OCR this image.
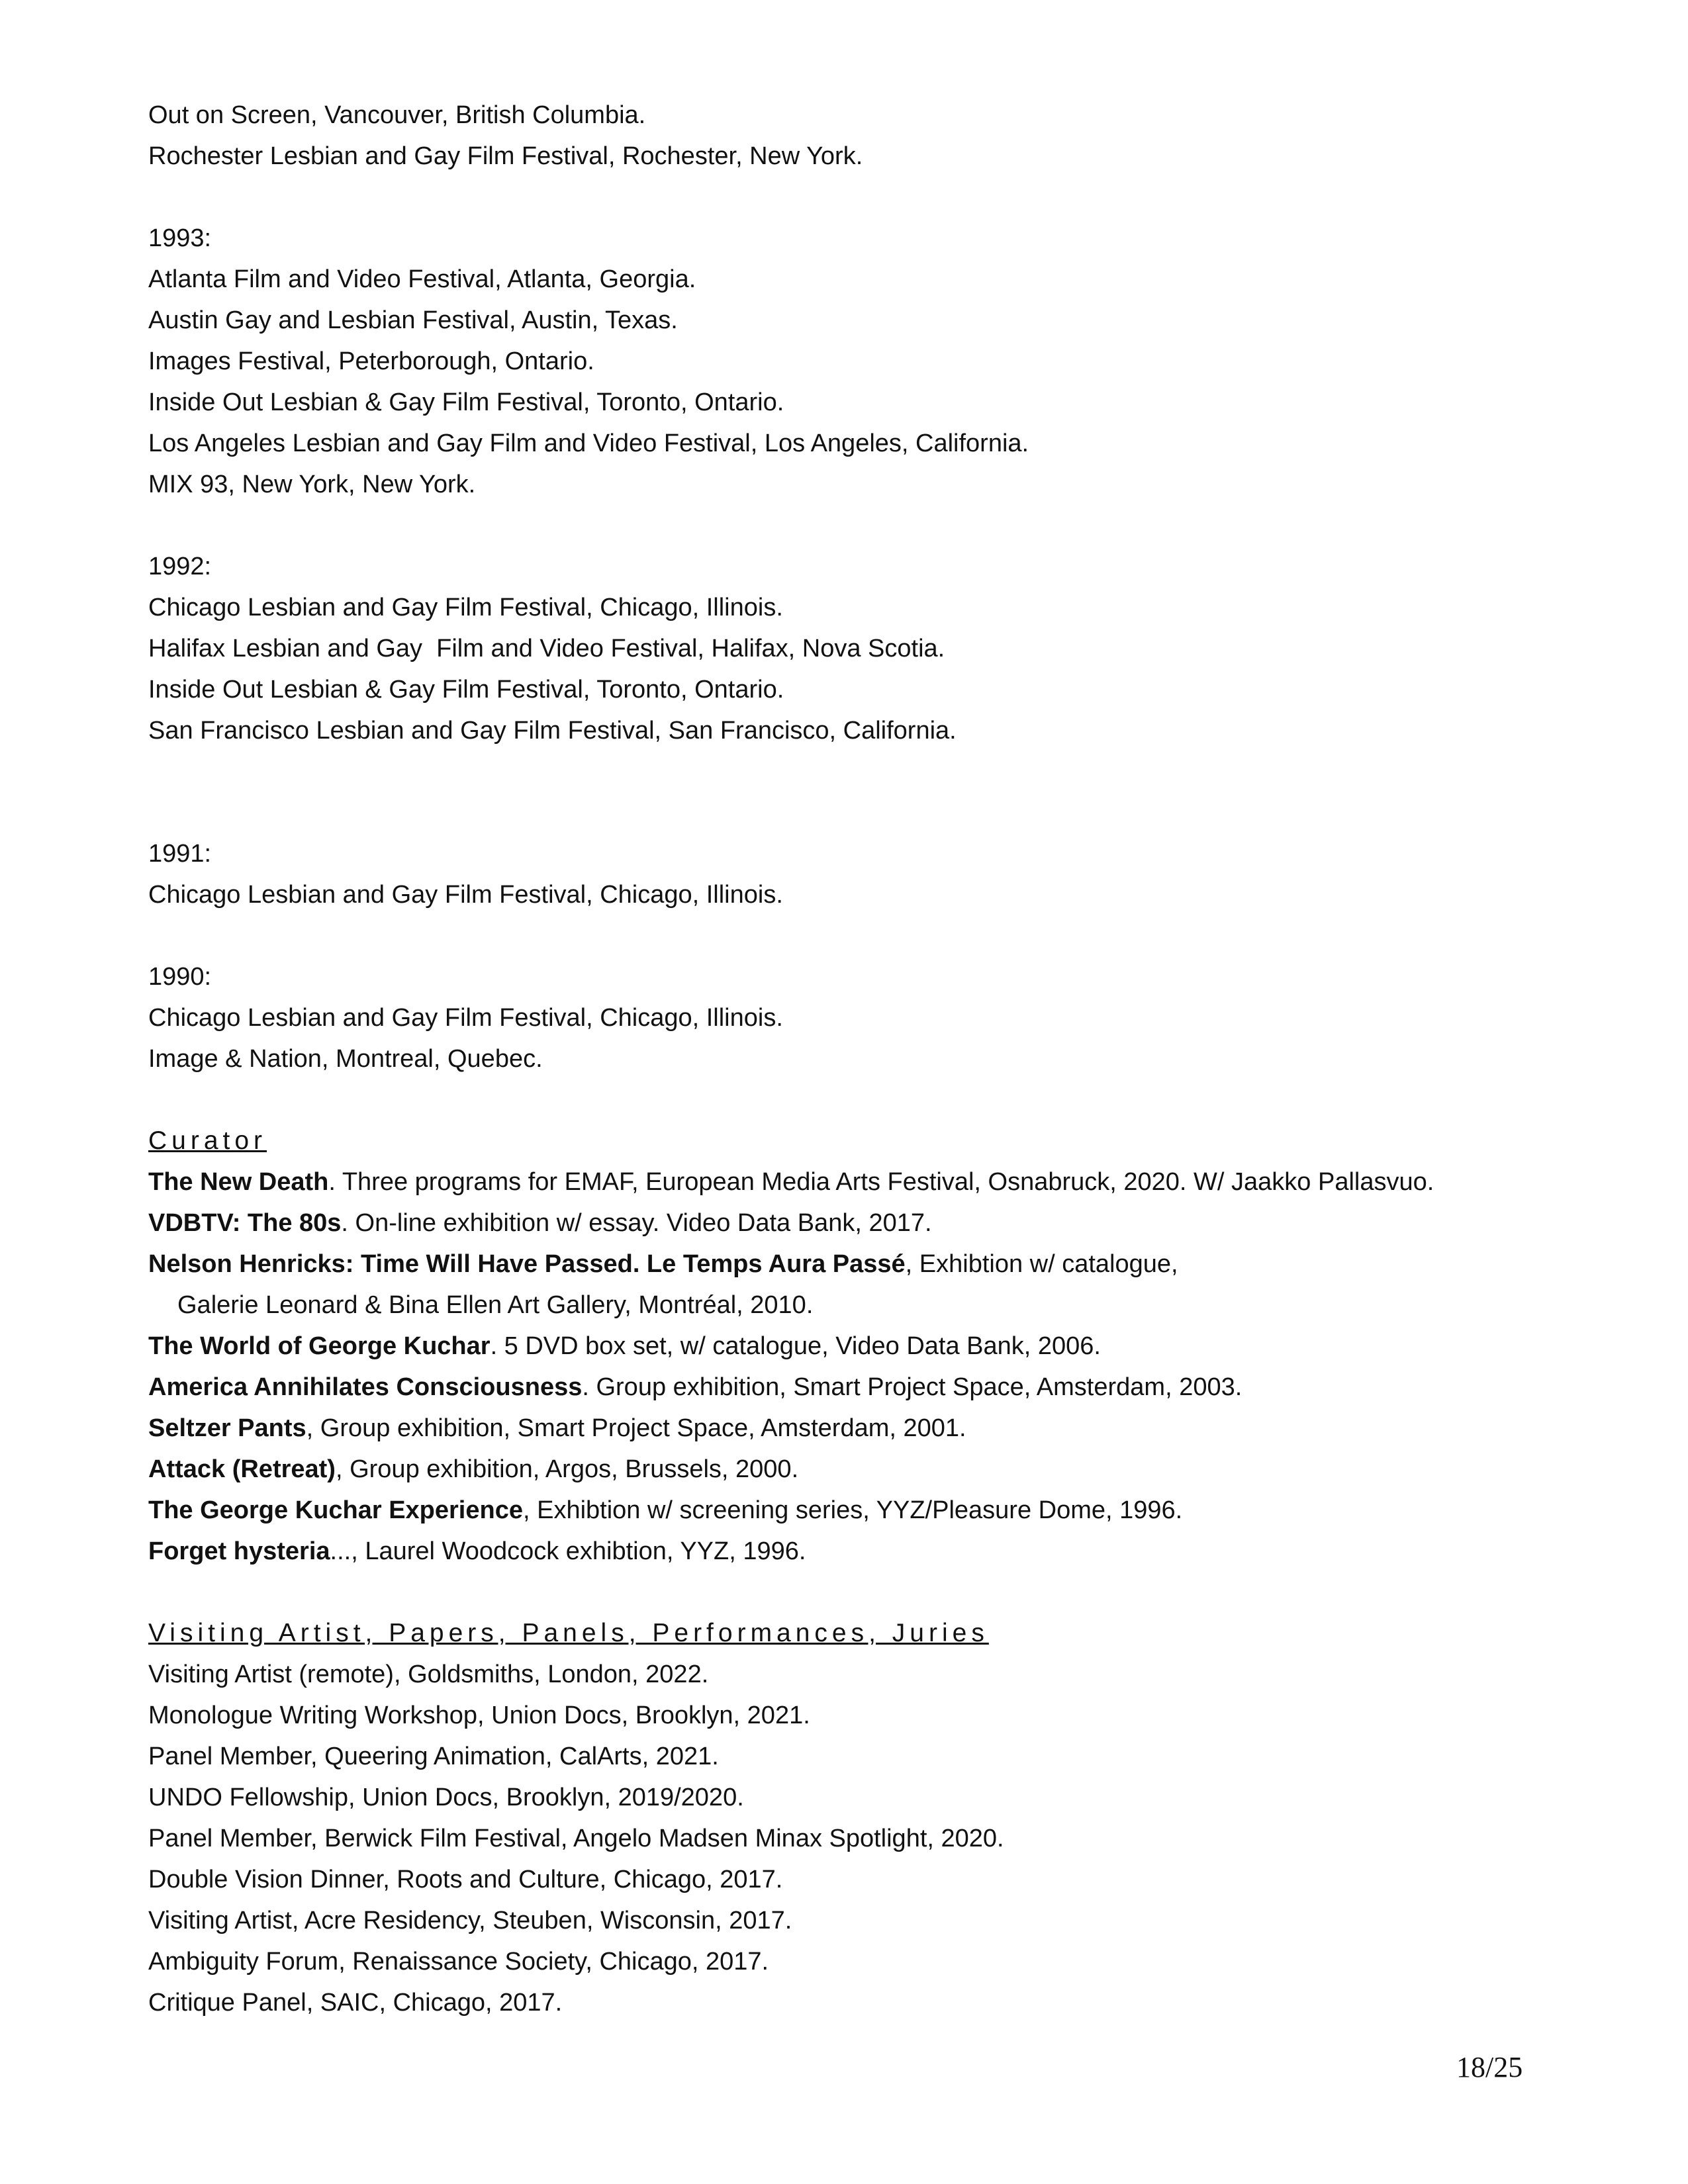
Out on Screen, Vancouver, British Columbia.
Rochester Lesbian and Gay Film Festival, Rochester, New York.
1993:
Atlanta Film and Video Festival, Atlanta, Georgia.
Austin Gay and Lesbian Festival, Austin, Texas.
Images Festival, Peterborough, Ontario.
Inside Out Lesbian & Gay Film Festival, Toronto, Ontario.
Los Angeles Lesbian and Gay Film and Video Festival, Los Angeles, California.
MIX 93, New York, New York.
1992:
Chicago Lesbian and Gay Film Festival, Chicago, Illinois.
Halifax Lesbian and Gay  Film and Video Festival, Halifax, Nova Scotia.
Inside Out Lesbian & Gay Film Festival, Toronto, Ontario.
San Francisco Lesbian and Gay Film Festival, San Francisco, California.
1991:
Chicago Lesbian and Gay Film Festival, Chicago, Illinois.
1990:
Chicago Lesbian and Gay Film Festival, Chicago, Illinois.
Image & Nation, Montreal, Quebec.
Curator
The New Death. Three programs for EMAF, European Media Arts Festival, Osnabruck, 2020. W/ Jaakko Pallasvuo.
VDBTV: The 80s. On-line exhibition w/ essay. Video Data Bank, 2017.
Nelson Henricks: Time Will Have Passed. Le Temps Aura Passé, Exhibtion w/ catalogue,
Galerie Leonard & Bina Ellen Art Gallery, Montréal, 2010.
The World of George Kuchar. 5 DVD box set, w/ catalogue, Video Data Bank, 2006.
America Annihilates Consciousness. Group exhibition, Smart Project Space, Amsterdam, 2003.
Seltzer Pants, Group exhibition, Smart Project Space, Amsterdam, 2001.
Attack (Retreat), Group exhibition, Argos, Brussels, 2000.
The George Kuchar Experience, Exhibtion w/ screening series, YYZ/Pleasure Dome, 1996.
Forget hysteria..., Laurel Woodcock exhibtion, YYZ, 1996.
Visiting Artist, Papers, Panels, Performances, Juries
Visiting Artist (remote), Goldsmiths, London, 2022.
Monologue Writing Workshop, Union Docs, Brooklyn, 2021.
Panel Member, Queering Animation, CalArts, 2021.
UNDO Fellowship, Union Docs, Brooklyn, 2019/2020.
Panel Member, Berwick Film Festival, Angelo Madsen Minax Spotlight, 2020.
Double Vision Dinner, Roots and Culture, Chicago, 2017.
Visiting Artist, Acre Residency, Steuben, Wisconsin, 2017.
Ambiguity Forum, Renaissance Society, Chicago, 2017.
Critique Panel, SAIC, Chicago, 2017.
18/25
